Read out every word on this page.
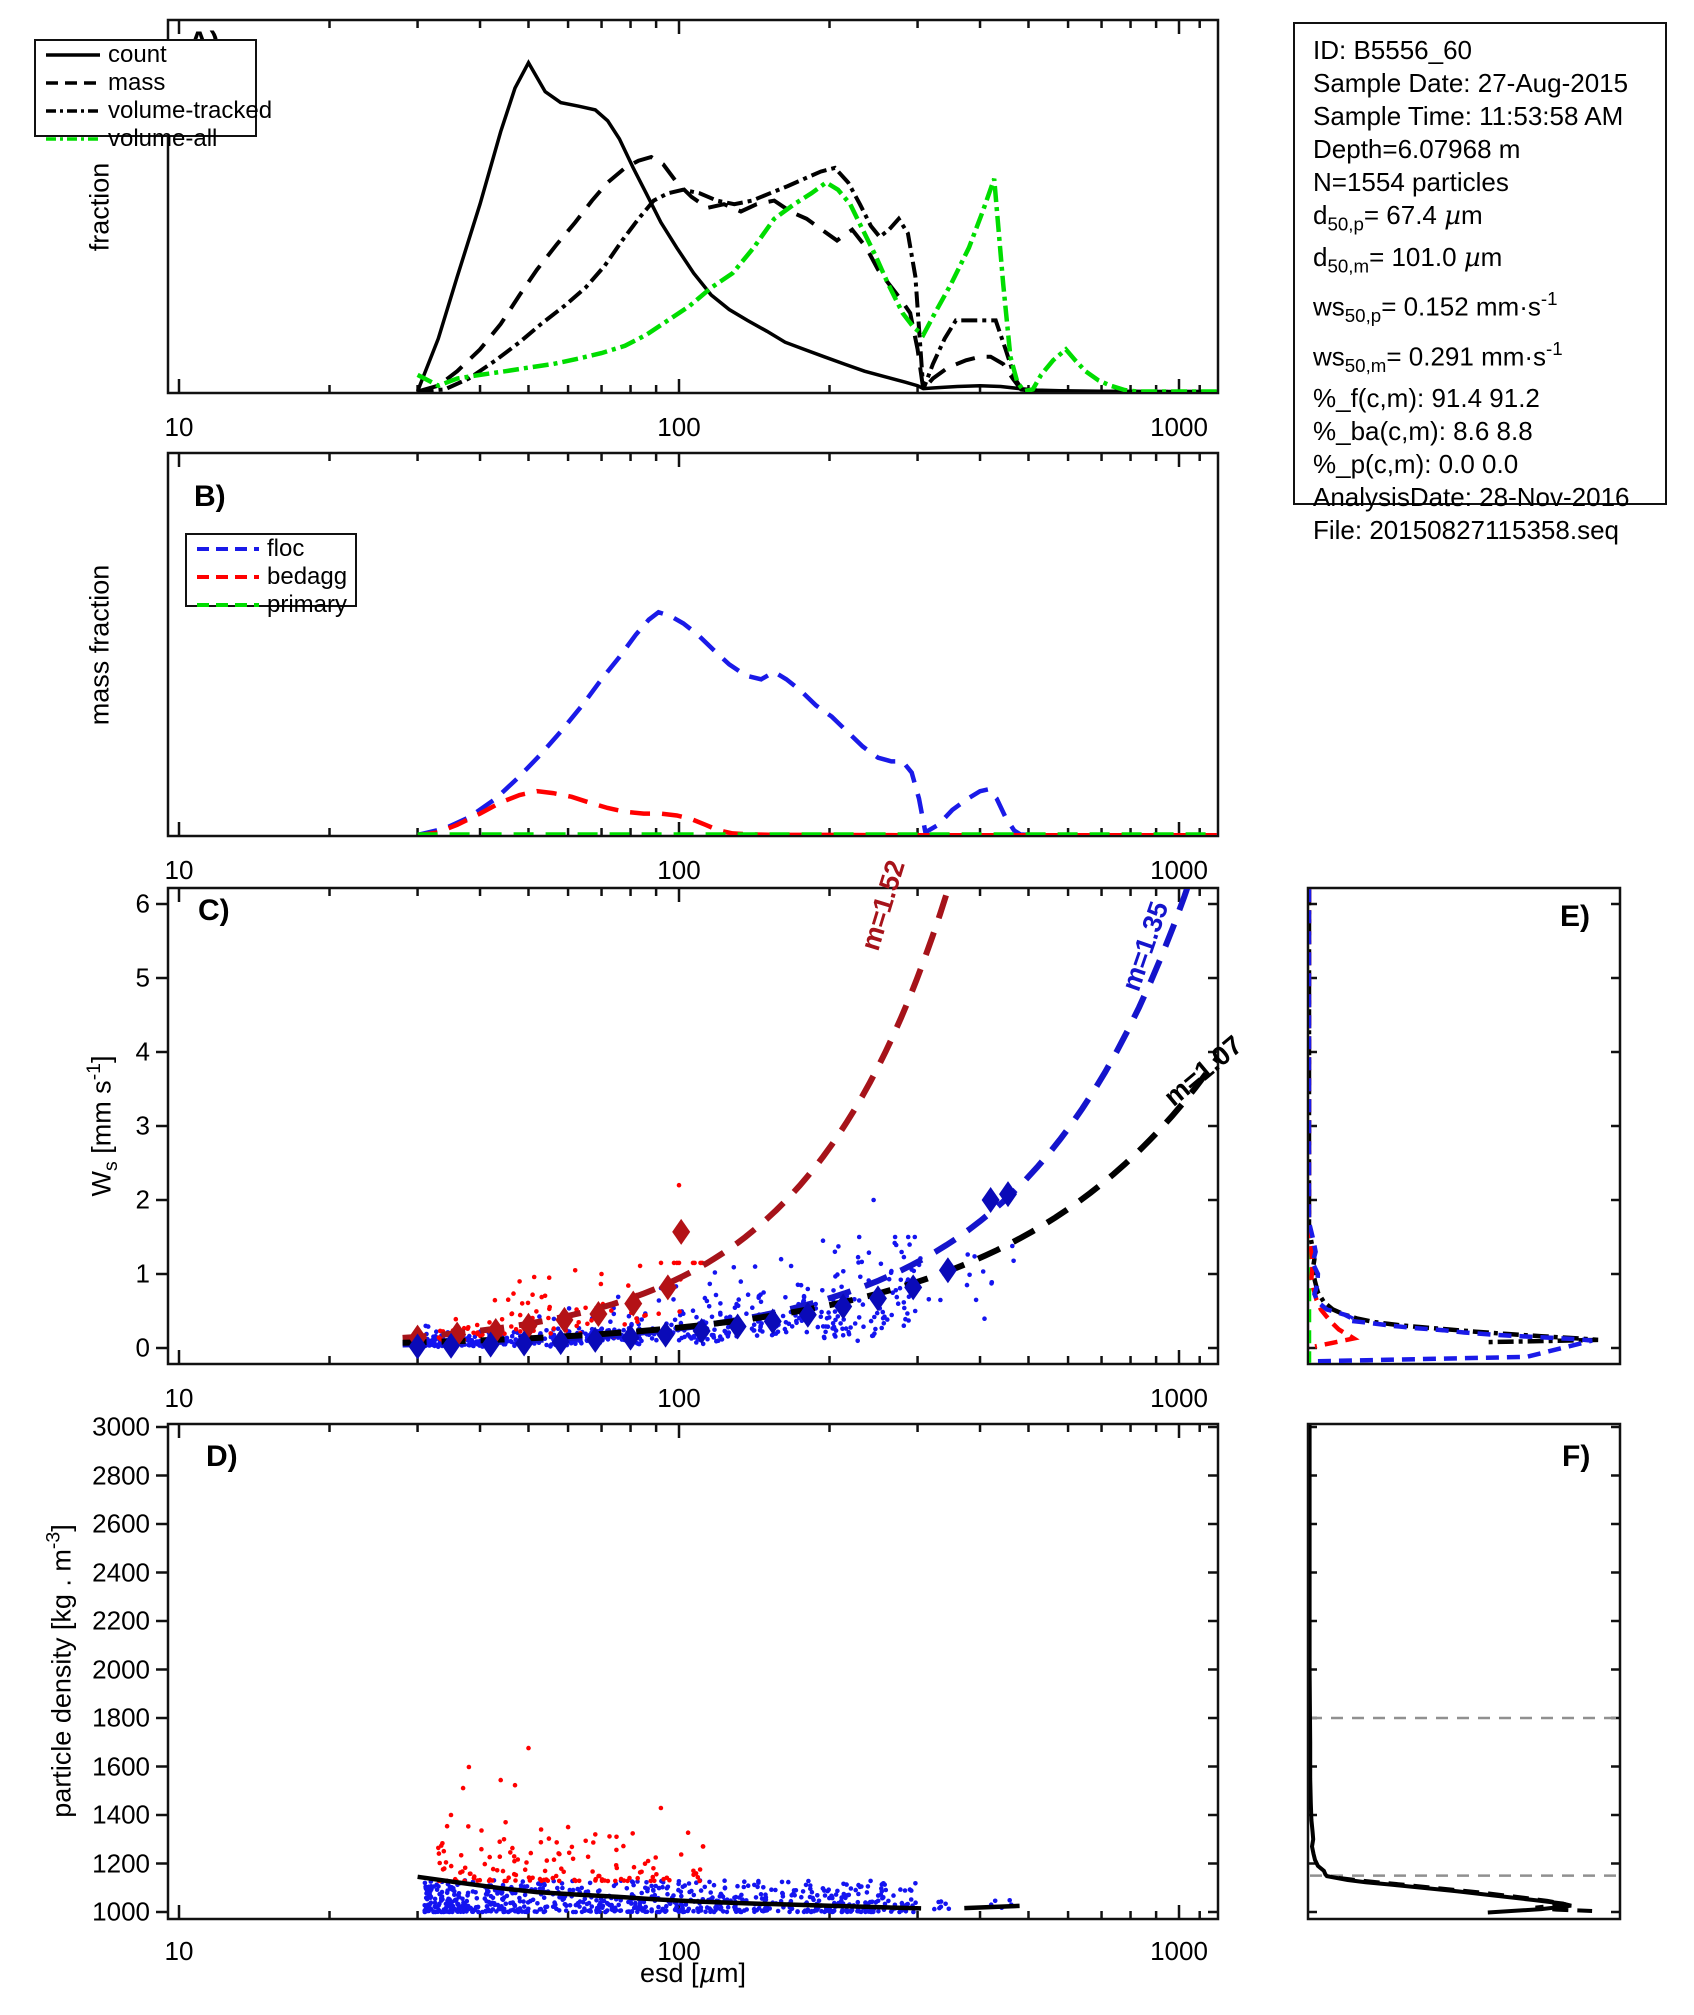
m=1.52	m=1.35
m=1.07
B)
C)
D)
E)
F)
fraction
mass fraction
$W_s$ [mm $s^{-1}$]
particle density [kg . $m^{-3}$]
esd [µm]
count
mass
volume-tracked
volume-all
floc
bedagg
primary
ID: B5556_60
Sample Date: 27-Aug-2015
Sample Time: 11:53:58 AM
Depth=6.07968 m
N=1554 particles
$d_{50,p}= 67.4$ µm
$d_{50,m}= 101.0$ µm
$ws_{50,p}= 0.152$ $mm\cdot s^{-1}$
$ws_{50,m}= 0.291$ $mm\cdot s^{-1}$
%_f(c,m): 91.4 91.2
%_ba(c,m): 8.6 8.8
%_p(c,m): 0.0 0.0
AnalysisDate: 28-Nov-2016
File: 20150827115358.seq
10	100	1000
10	100	1000
10	100	1000
10	100	1000
0
1
2
3
4
5
6
1000
1200
1400
1600
1800
2000
2200
2400
2600
2800
3000
